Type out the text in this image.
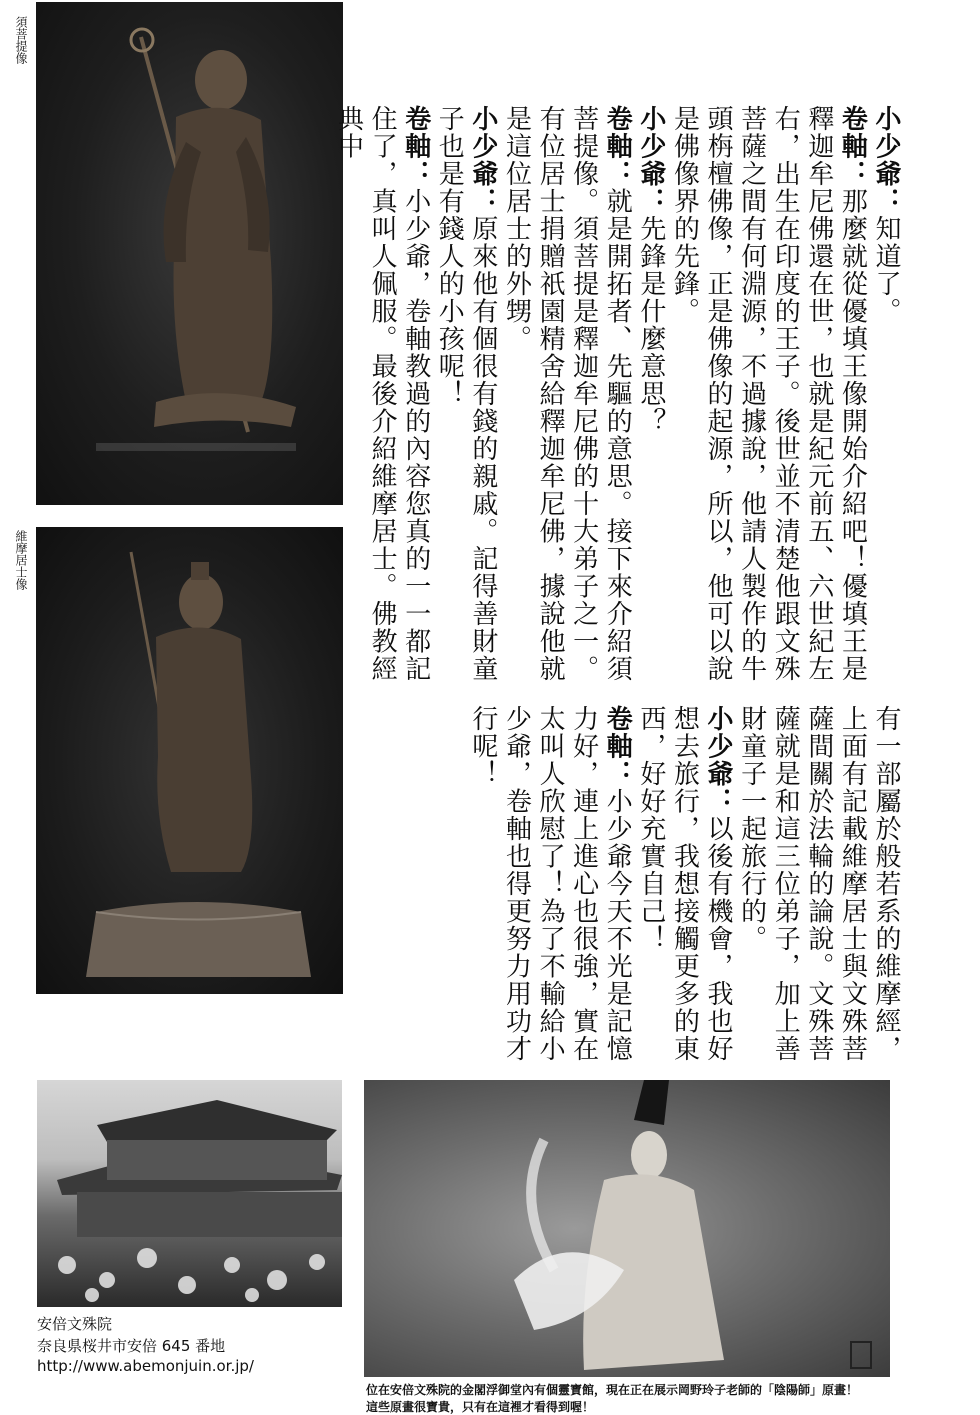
須菩提像
維摩居士像

小少爺：知道了。

卷軸：那麼就從優填王像開始介紹吧！優填王是釋迦牟尼佛還在世，也就是紀元前五、六世紀左右，出生在印度的王子。後世並不清楚他跟文殊菩薩之間有何淵源，不過據說，他請人製作的牛頭栴檀佛像，正是佛像的起源，所以，他可以說是佛像界的先鋒。

小少爺：先鋒是什麼意思？

卷軸：就是開拓者、先驅的意思。接下來介紹須菩提像。須菩提是釋迦牟尼佛的十大弟子之一。有位居士捐贈祇園精舍給釋迦牟尼佛，據說他就是這位居士的外甥。

小少爺：原來他有個很有錢的親戚。記得善財童子也是有錢人的小孩呢！

卷軸：小少爺，卷軸教過的內容您真的一一都記住了，真叫人佩服。最後介紹維摩居士。佛教經典中

有一部屬於般若系的維摩經，上面有記載維摩居士與文殊菩薩間關於法輪的論說。文殊菩薩就是和這三位弟子，加上善財童子一起旅行的。

小少爺：以後有機會，我也好想去旅行，我想接觸更多的東西，好好充實自己！

卷軸：小少爺今天不光是記憶力好，連上進心也很強，實在太叫人欣慰了！為了不輸給小少爺，卷軸也得更努力用功才行呢！

安倍文殊院
奈良県桜井市安倍 645 番地
http://www.abemonjuin.or.jp/
位在安倍文殊院的金閣浮御堂內有個靈寶館，現在正在展示岡野玲子老師的「陰陽師」原畫！
這些原畫很寶貴，只有在這裡才看得到喔！
